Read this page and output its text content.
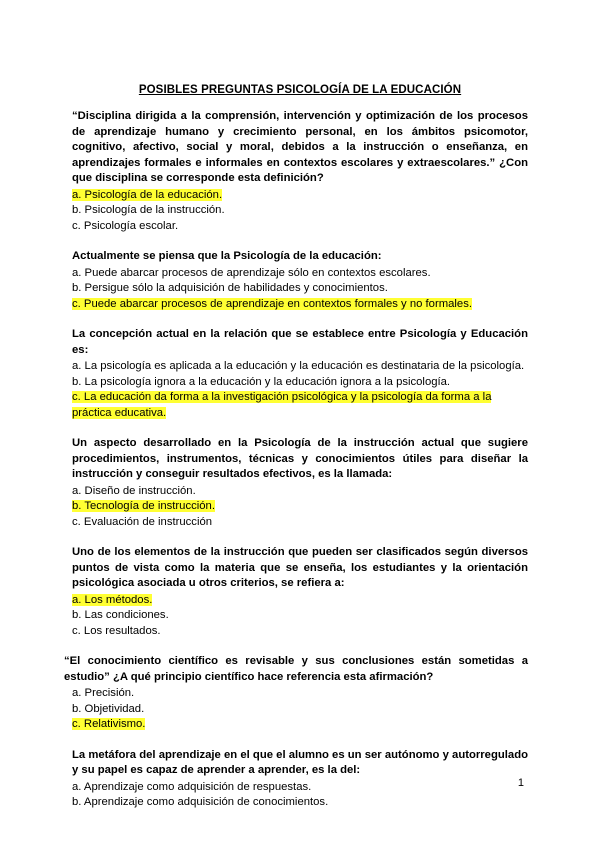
POSIBLES PREGUNTAS PSICOLOGÍA DE LA EDUCACIÓN
“Disciplina dirigida a la comprensión, intervención y optimización de los procesos de aprendizaje humano y crecimiento personal, en los ámbitos psicomotor, cognitivo, afectivo, social y moral, debidos a la instrucción o enseñanza, en aprendizajes formales e informales en contextos escolares y extraescolares.” ¿Con que disciplina se corresponde esta definición?
a. Psicología de la educación.
b. Psicología de la instrucción.
c. Psicología escolar.
Actualmente se piensa que la Psicología de la educación:
a. Puede abarcar procesos de aprendizaje sólo en contextos escolares.
b. Persigue sólo la adquisición de habilidades y conocimientos.
c. Puede abarcar procesos de aprendizaje en contextos formales y no formales.
La concepción actual en la relación que se establece entre Psicología y Educación es:
a. La psicología es aplicada a la educación y la educación es destinataria de la psicología.
b. La psicología ignora a la educación y la educación ignora a la psicología.
c. La educación da forma a la investigación psicológica y la psicología da forma a la práctica educativa.
Un aspecto desarrollado en la Psicología de la instrucción actual que sugiere procedimientos, instrumentos, técnicas y conocimientos útiles para diseñar la instrucción y conseguir resultados efectivos, es la llamada:
a. Diseño de instrucción.
b. Tecnología de instrucción.
c. Evaluación de instrucción
Uno de los elementos de la instrucción que pueden ser clasificados según diversos puntos de vista como la materia que se enseña, los estudiantes y la orientación psicológica asociada u otros criterios, se refiera a:
a. Los métodos.
b. Las condiciones.
c. Los resultados.
“El conocimiento científico es revisable y sus conclusiones están sometidas a estudio” ¿A qué principio científico hace referencia esta afirmación?
a. Precisión.
b. Objetividad.
c. Relativismo.
La metáfora del aprendizaje en el que el alumno es un ser autónomo y autorregulado y su papel es capaz de aprender a aprender, es la del:
a. Aprendizaje como adquisición de respuestas.
b. Aprendizaje como adquisición de conocimientos.
1
